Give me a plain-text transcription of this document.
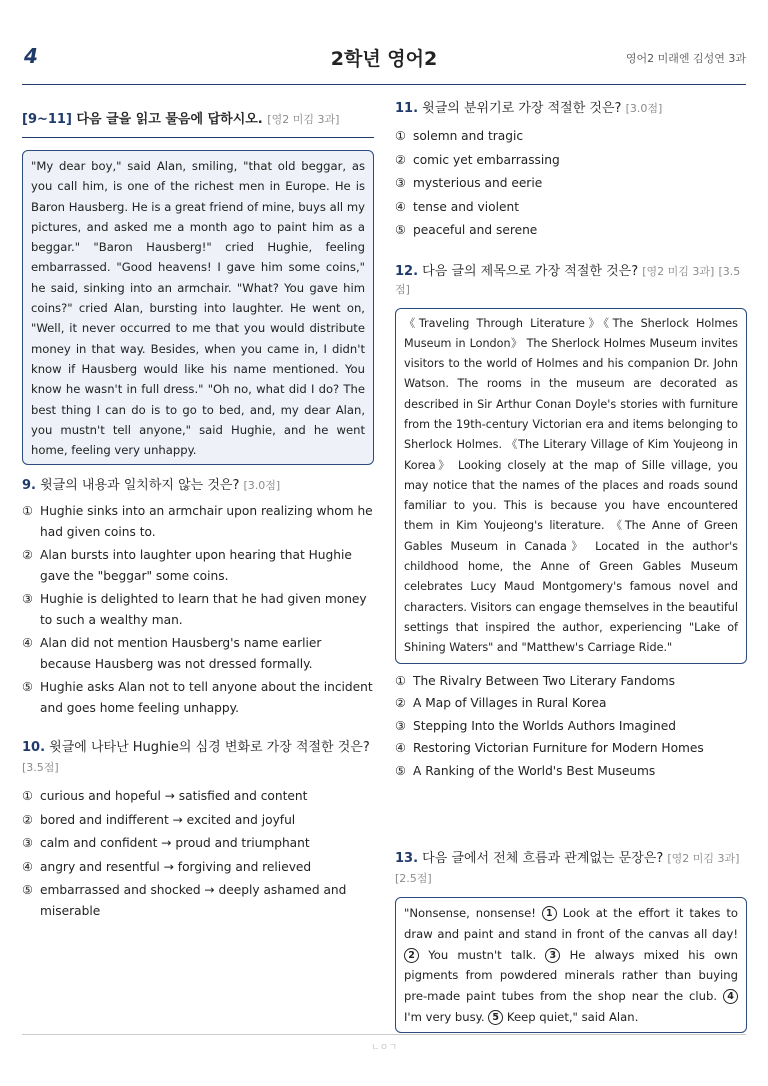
4	2학년 영어2	영어2 미래엔 김성연 3과
[9~11] 다음 글을 읽고 물음에 답하시오. [영2 미김 3과]
"My dear boy," said Alan, smiling, "that old beggar, as you call him, is one of the richest men in Europe. He is Baron Hausberg. He is a great friend of mine, buys all my pictures, and asked me a month ago to paint him as a beggar." "Baron Hausberg!" cried Hughie, feeling embarrassed. "Good heavens! I gave him some coins," he said, sinking into an armchair. "What? You gave him coins?" cried Alan, bursting into laughter. He went on, "Well, it never occurred to me that you would distribute money in that way. Besides, when you came in, I didn't know if Hausberg would like his name mentioned. You know he wasn't in full dress." "Oh no, what did I do? The best thing I can do is to go to bed, and, my dear Alan, you mustn't tell anyone," said Hughie, and he went home, feeling very unhappy.
9. 윗글의 내용과 일치하지 않는 것은? [3.0점]
① Hughie sinks into an armchair upon realizing whom he had given coins to.
② Alan bursts into laughter upon hearing that Hughie gave the "beggar" some coins.
③ Hughie is delighted to learn that he had given money to such a wealthy man.
④ Alan did not mention Hausberg's name earlier because Hausberg was not dressed formally.
⑤ Hughie asks Alan not to tell anyone about the incident and goes home feeling unhappy.
10. 윗글에 나타난 Hughie의 심경 변화로 가장 적절한 것은? [3.5점]
① curious and hopeful → satisfied and content
② bored and indifferent → excited and joyful
③ calm and confident → proud and triumphant
④ angry and resentful → forgiving and relieved
⑤ embarrassed and shocked → deeply ashamed and miserable
11. 윗글의 분위기로 가장 적절한 것은? [3.0점]
① solemn and tragic
② comic yet embarrassing
③ mysterious and eerie
④ tense and violent
⑤ peaceful and serene
12. 다음 글의 제목으로 가장 적절한 것은? [영2 미김 3과] [3.5점]
《Traveling Through Literature》《The Sherlock Holmes Museum in London》 The Sherlock Holmes Museum invites visitors to the world of Holmes and his companion Dr. John Watson. The rooms in the museum are decorated as described in Sir Arthur Conan Doyle's stories with furniture from the 19th-century Victorian era and items belonging to Sherlock Holmes. 《The Literary Village of Kim Youjeong in Korea》 Looking closely at the map of Sille village, you may notice that the names of the places and roads sound familiar to you. This is because you have encountered them in Kim Youjeong's literature. 《The Anne of Green Gables Museum in Canada》 Located in the author's childhood home, the Anne of Green Gables Museum celebrates Lucy Maud Montgomery's famous novel and characters. Visitors can engage themselves in the beautiful settings that inspired the author, experiencing "Lake of Shining Waters" and "Matthew's Carriage Ride."
① The Rivalry Between Two Literary Fandoms
② A Map of Villages in Rural Korea
③ Stepping Into the Worlds Authors Imagined
④ Restoring Victorian Furniture for Modern Homes
⑤ A Ranking of the World's Best Museums
13. 다음 글에서 전체 흐름과 관계없는 문장은? [영2 미김 3과] [2.5점]
"Nonsense, nonsense! 1 Look at the effort it takes to draw and paint and stand in front of the canvas all day! 2 You mustn't talk. 3 He always mixed his own pigments from powdered minerals rather than buying pre-made paint tubes from the shop near the club. 4 I'm very busy. 5 Keep quiet," said Alan.
ㄴㅇㄱ
